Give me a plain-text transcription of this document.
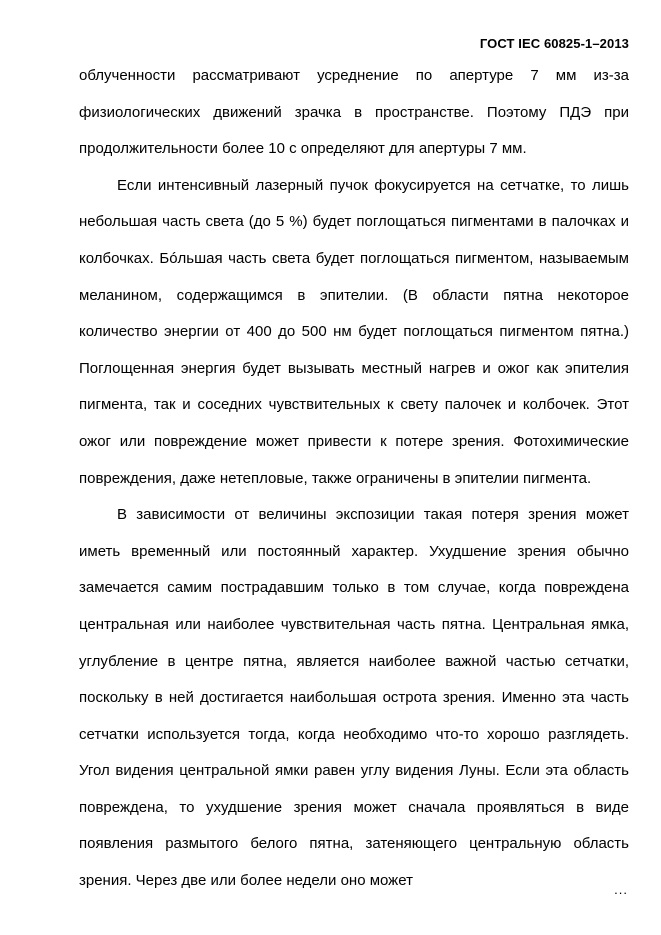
ГОСТ IEC 60825-1–2013

облученности рассматривают усреднение по апертуре 7 мм из-за физиологических движений зрачка в пространстве. Поэтому ПДЭ при продолжительности более 10 с определяют для апертуры 7 мм.

Если интенсивный лазерный пучок фокусируется на сетчатке, то лишь небольшая часть света (до 5 %) будет поглощаться пигментами в палочках и колбочках. Бóльшая часть света будет поглощаться пигментом, называемым меланином, содержащимся в эпителии. (В области пятна некоторое количество энергии от 400 до 500 нм будет поглощаться пигментом пятна.) Поглощенная энергия будет вызывать местный нагрев и ожог как эпителия пигмента, так и соседних чувствительных к свету палочек и колбочек. Этот ожог или повреждение может привести к потере зрения. Фотохимические повреждения, даже нетепловые, также ограничены в эпителии пигмента.

В зависимости от величины экспозиции такая потеря зрения может иметь временный или постоянный характер. Ухудшение зрения обычно замечается самим пострадавшим только в том случае, когда повреждена центральная или наиболее чувствительная часть пятна. Центральная ямка, углубление в центре пятна, является наиболее важной частью сетчатки, поскольку в ней достигается наибольшая острота зрения. Именно эта часть сетчатки используется тогда, когда необходимо что-то хорошо разглядеть. Угол видения центральной ямки равен углу видения Луны. Если эта область повреждена, то ухудшение зрения может сначала проявляться в виде появления размытого белого пятна, затеняющего центральную область зрения. Через две или более недели оно может

...
